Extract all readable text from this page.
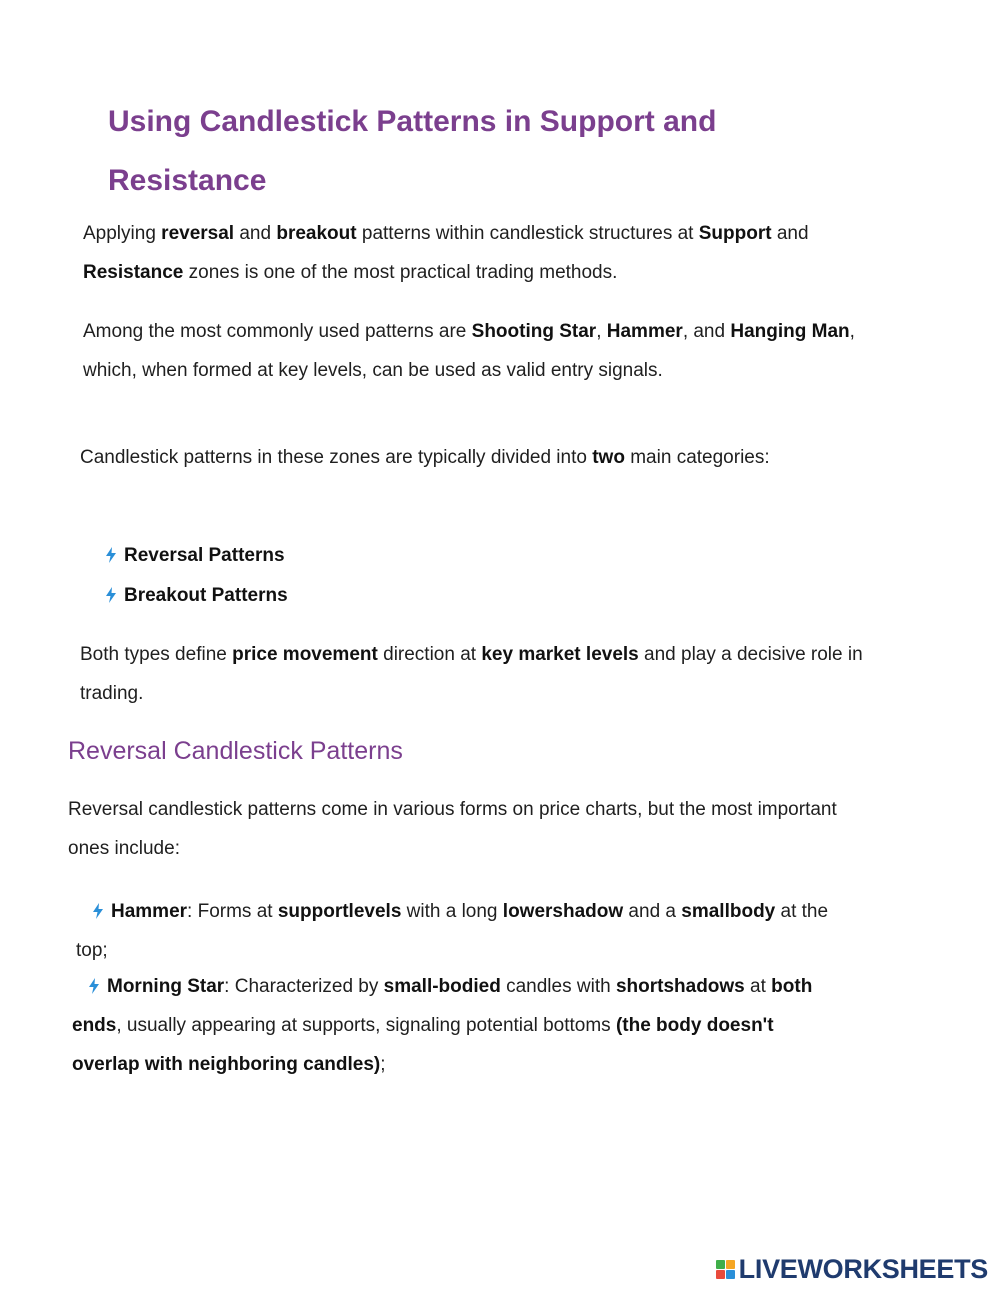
Using Candlestick Patterns in Support and Resistance

Applying reversal and breakout patterns within candlestick structures at Support and Resistance zones is one of the most practical trading methods.

Among the most commonly used patterns are Shooting Star, Hammer, and Hanging Man, which, when formed at key levels, can be used as valid entry signals.

Candlestick patterns in these zones are typically divided into two main categories:

Reversal Patterns
Breakout Patterns

Both types define price movement direction at key market levels and play a decisive role in trading.

Reversal Candlestick Patterns

Reversal candlestick patterns come in various forms on price charts, but the most important ones include:

Hammer: Forms at supportlevels with a long lowershadow and a smallbody at the top;

Morning Star: Characterized by small-bodied candles with shortshadows at both ends, usually appearing at supports, signaling potential bottoms (the body doesn't overlap with neighboring candles);

LIVEWORKSHEETS
